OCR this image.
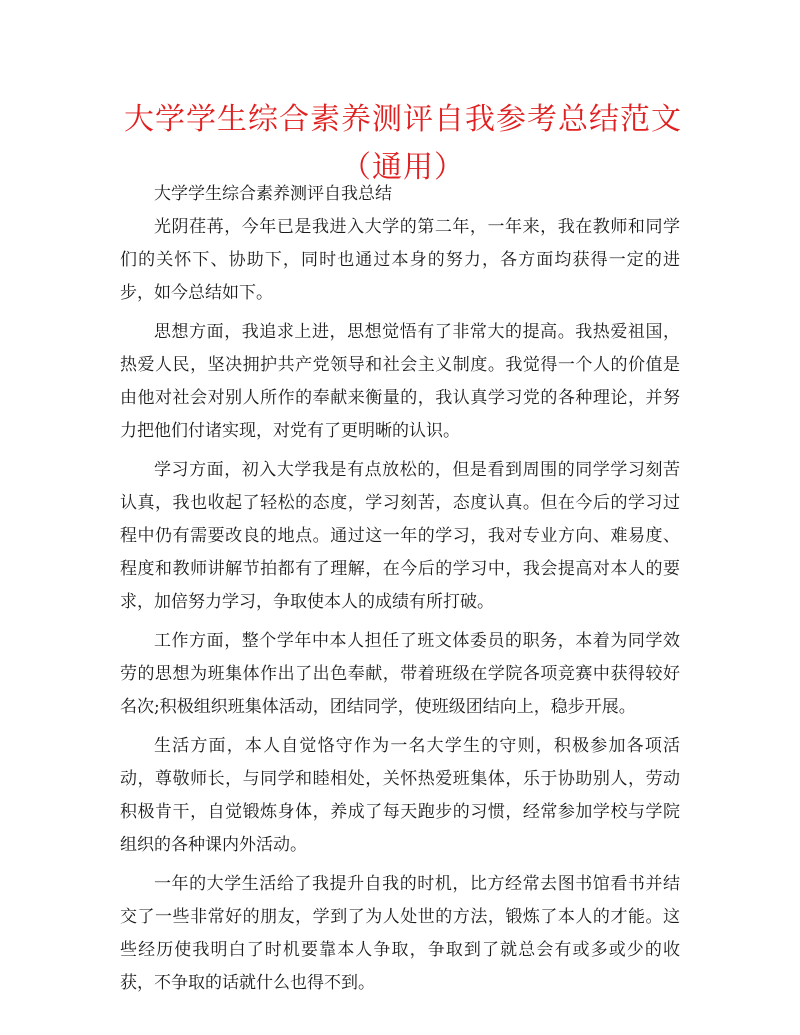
大学学生综合素养测评自我参考总结范文（通用）

大学学生综合素养测评自我总结

光阴荏苒，今年已是我进入大学的第二年，一年来，我在教师和同学们的关怀下、协助下，同时也通过本身的努力，各方面均获得一定的进步，如今总结如下。

思想方面，我追求上进，思想觉悟有了非常大的提高。我热爱祖国，热爱人民，坚决拥护共产党领导和社会主义制度。我觉得一个人的价值是由他对社会对别人所作的奉献来衡量的，我认真学习党的各种理论，并努力把他们付诸实现，对党有了更明晰的认识。

学习方面，初入大学我是有点放松的，但是看到周围的同学学习刻苦认真，我也收起了轻松的态度，学习刻苦，态度认真。但在今后的学习过程中仍有需要改良的地点。通过这一年的学习，我对专业方向、难易度、程度和教师讲解节拍都有了理解，在今后的学习中，我会提高对本人的要求，加倍努力学习，争取使本人的成绩有所打破。

工作方面，整个学年中本人担任了班文体委员的职务，本着为同学效劳的思想为班集体作出了出色奉献，带着班级在学院各项竞赛中获得较好名次;积极组织班集体活动，团结同学，使班级团结向上，稳步开展。

生活方面，本人自觉恪守作为一名大学生的守则，积极参加各项活动，尊敬师长，与同学和睦相处，关怀热爱班集体，乐于协助别人，劳动积极肯干，自觉锻炼身体，养成了每天跑步的习惯，经常参加学校与学院组织的各种课内外活动。

一年的大学生活给了我提升自我的时机，比方经常去图书馆看书并结交了一些非常好的朋友，学到了为人处世的方法，锻炼了本人的才能。这些经历使我明白了时机要靠本人争取，争取到了就总会有或多或少的收获，不争取的话就什么也得不到。
